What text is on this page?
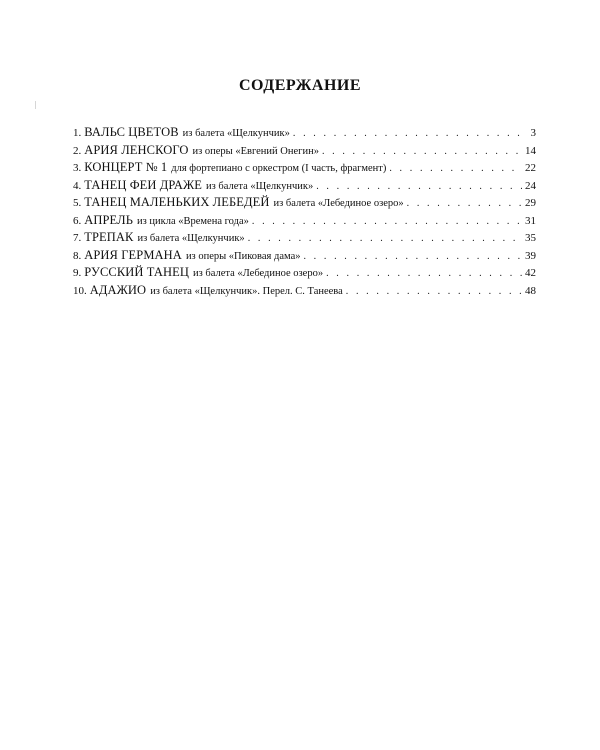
СОДЕРЖАНИЕ
1. ВАЛЬС ЦВЕТОВ из балета «Щелкунчик» . . .	3
2. АРИЯ ЛЕНСКОГО из оперы «Евгений Онегин» . . .	14
3. КОНЦЕРТ № 1 для фортепиано с оркестром (I часть, фрагмент) . . .	22
4. ТАНЕЦ ФЕИ ДРАЖЕ из балета «Щелкунчик» . . .	24
5. ТАНЕЦ МАЛЕНЬКИХ ЛЕБЕДЕЙ из балета «Лебединое озеро» . . .	29
6. АПРЕЛЬ из цикла «Времена года» . . .	31
7. ТРЕПАК из балета «Щелкунчик» . . .	35
8. АРИЯ ГЕРМАНА из оперы «Пиковая дама» . . .	39
9. РУССКИЙ ТАНЕЦ из балета «Лебединое озеро» . . .	42
10. АДАЖИО из балета «Щелкунчик». Перел. С. Танеева . . .	48
